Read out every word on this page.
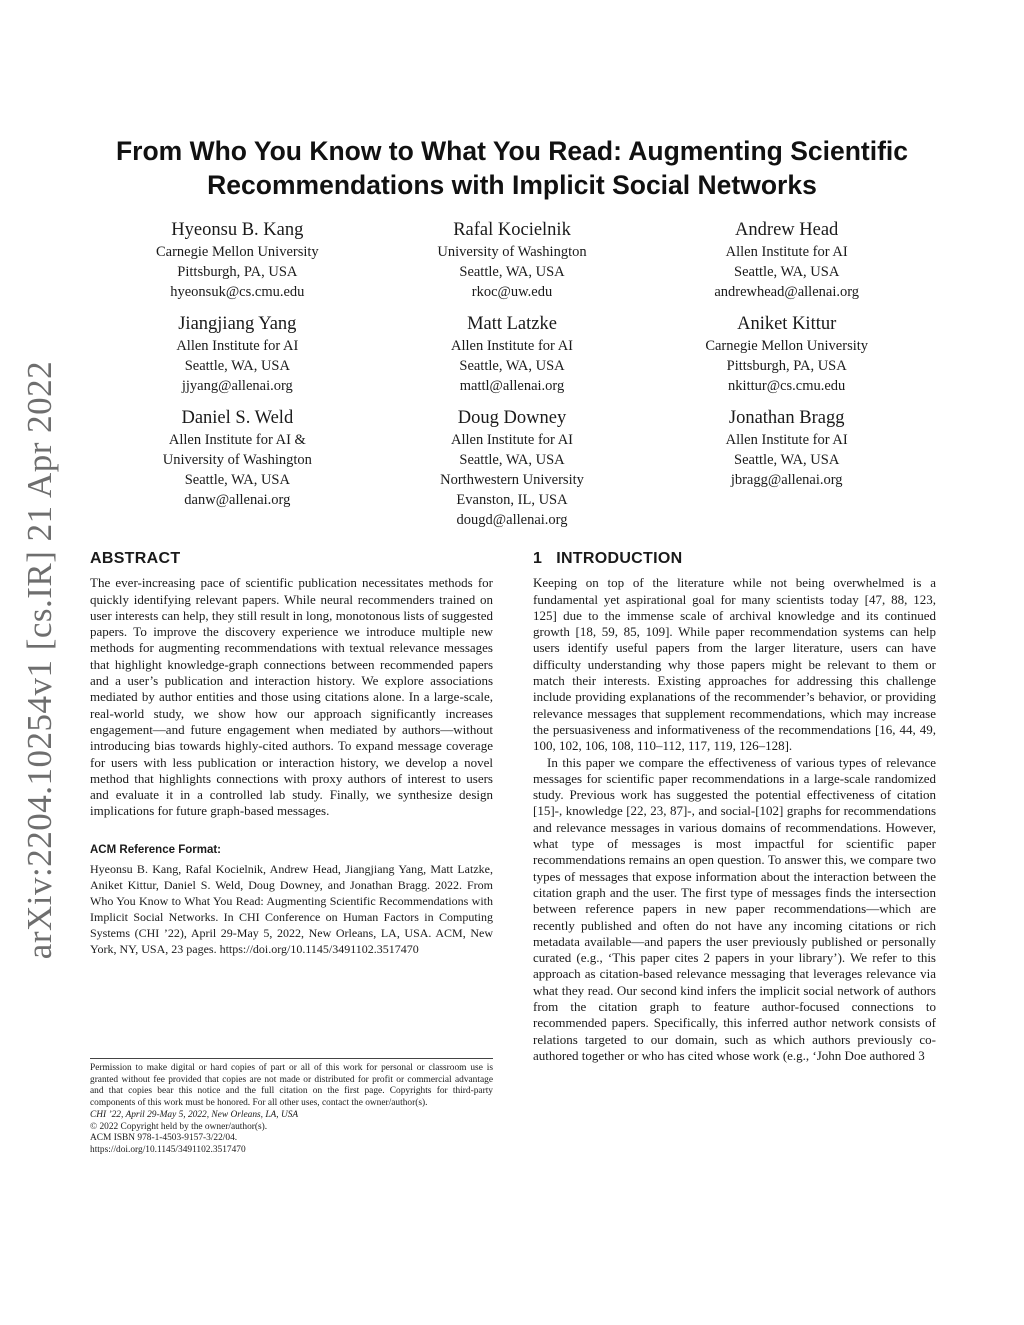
arXiv:2204.10254v1 [cs.IR] 21 Apr 2022
From Who You Know to What You Read: Augmenting Scientific
Recommendations with Implicit Social Networks
Hyeonsu B. Kang
Carnegie Mellon University
Pittsburgh, PA, USA
hyeonsuk@cs.cmu.edu
Rafal Kocielnik
University of Washington
Seattle, WA, USA
rkoc@uw.edu
Andrew Head
Allen Institute for AI
Seattle, WA, USA
andrewhead@allenai.org
Jiangjiang Yang
Allen Institute for AI
Seattle, WA, USA
jjyang@allenai.org
Matt Latzke
Allen Institute for AI
Seattle, WA, USA
mattl@allenai.org
Aniket Kittur
Carnegie Mellon University
Pittsburgh, PA, USA
nkittur@cs.cmu.edu
Daniel S. Weld
Allen Institute for AI &
University of Washington
Seattle, WA, USA
danw@allenai.org
Doug Downey
Allen Institute for AI
Seattle, WA, USA
Northwestern University
Evanston, IL, USA
dougd@allenai.org
Jonathan Bragg
Allen Institute for AI
Seattle, WA, USA
jbragg@allenai.org
ABSTRACT

The ever-increasing pace of scientific publication necessitates methods for quickly identifying relevant papers. While neural recommenders trained on user interests can help, they still result in long, monotonous lists of suggested papers. To improve the discovery experience we introduce multiple new methods for augmenting recommendations with textual relevance messages that highlight knowledge-graph connections between recommended papers and a user’s publication and interaction history. We explore associations mediated by author entities and those using citations alone. In a large-scale, real-world study, we show how our approach significantly increases engagement—and future engagement when mediated by authors—without introducing bias towards highly-cited authors. To expand message coverage for users with less publication or interaction history, we develop a novel method that highlights connections with proxy authors of interest to users and evaluate it in a controlled lab study. Finally, we synthesize design implications for future graph-based messages.

ACM Reference Format:

Hyeonsu B. Kang, Rafal Kocielnik, Andrew Head, Jiangjiang Yang, Matt Latzke, Aniket Kittur, Daniel S. Weld, Doug Downey, and Jonathan Bragg. 2022. From Who You Know to What You Read: Augmenting Scientific Recommendations with Implicit Social Networks. In CHI Conference on Human Factors in Computing Systems (CHI ’22), April 29-May 5, 2022, New Orleans, LA, USA. ACM, New York, NY, USA, 23 pages. https://doi.org/10.1145/3491102.3517470

Permission to make digital or hard copies of part or all of this work for personal or classroom use is granted without fee provided that copies are not made or distributed for profit or commercial advantage and that copies bear this notice and the full citation on the first page. Copyrights for third-party components of this work must be honored. For all other uses, contact the owner/author(s).

CHI ’22, April 29-May 5, 2022, New Orleans, LA, USA
© 2022 Copyright held by the owner/author(s).
ACM ISBN 978-1-4503-9157-3/22/04.
https://doi.org/10.1145/3491102.3517470
1 INTRODUCTION

Keeping on top of the literature while not being overwhelmed is a fundamental yet aspirational goal for many scientists today [47, 88, 123, 125] due to the immense scale of archival knowledge and its continued growth [18, 59, 85, 109]. While paper recommendation systems can help users identify useful papers from the larger literature, users can have difficulty understanding why those papers might be relevant to them or match their interests. Existing approaches for addressing this challenge include providing explanations of the recommender’s behavior, or providing relevance messages that supplement recommendations, which may increase the persuasiveness and informativeness of the recommendations [16, 44, 49, 100, 102, 106, 108, 110–112, 117, 119, 126–128].

In this paper we compare the effectiveness of various types of relevance messages for scientific paper recommendations in a large-scale randomized study. Previous work has suggested the potential effectiveness of citation [15]-, knowledge [22, 23, 87]-, and social-[102] graphs for recommendations and relevance messages in various domains of recommendations. However, what type of messages is most impactful for scientific paper recommendations remains an open question. To answer this, we compare two types of messages that expose information about the interaction between the citation graph and the user. The first type of messages finds the intersection between reference papers in new paper recommendations—which are recently published and often do not have any incoming citations or rich metadata available—and papers the user previously published or personally curated (e.g., ‘This paper cites 2 papers in your library’). We refer to this approach as citation-based relevance messaging that leverages relevance via what they read. Our second kind infers the implicit social network of authors from the citation graph to feature author-focused connections to recommended papers. Specifically, this inferred author network consists of relations targeted to our domain, such as which authors previously co-authored together or who has cited whose work (e.g., ‘John Doe authored 3
